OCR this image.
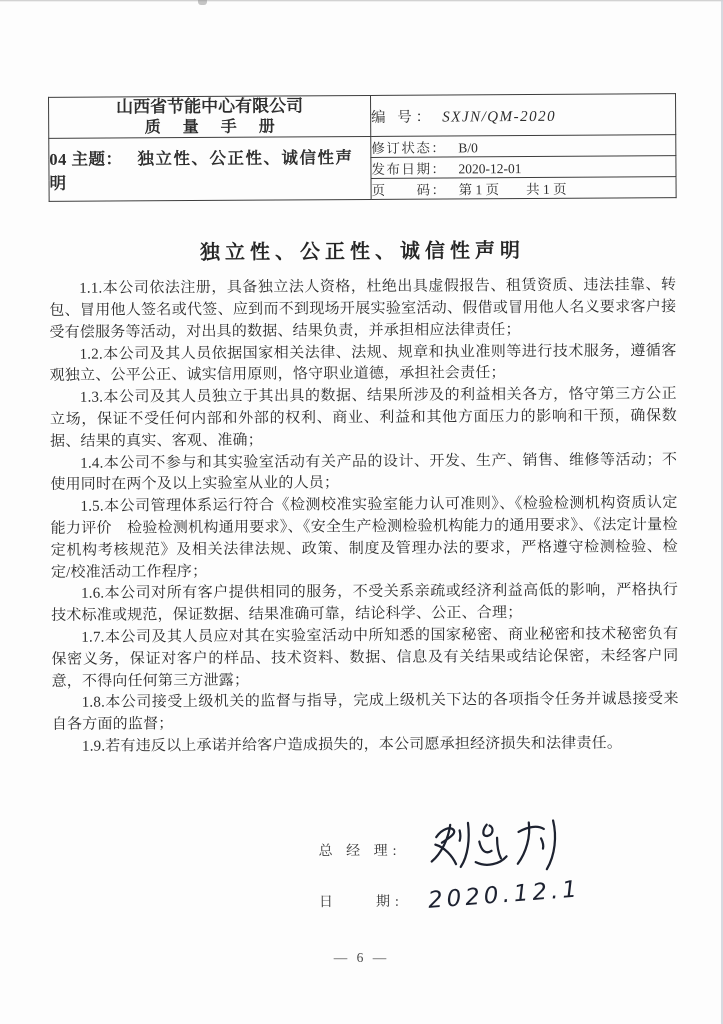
山西省节能中心有限公司
质 量 手 册	编 号： SXJN/QM-2020
04 主题： 独立性、公正性、诚信性声明	修订状态： B/0
	发布日期： 2020-12-01
	页　　码： 第 1 页　　共 1 页
独立性、公正性、诚信性声明

1.1.本公司依法注册，具备独立法人资格，杜绝出具虚假报告、租赁资质、违法挂靠、转包、冒用他人签名或代签、应到而不到现场开展实验室活动、假借或冒用他人名义要求客户接受有偿服务等活动，对出具的数据、结果负责，并承担相应法律责任；

1.2.本公司及其人员依据国家相关法律、法规、规章和执业准则等进行技术服务，遵循客观独立、公平公正、诚实信用原则，恪守职业道德，承担社会责任；

1.3.本公司及其人员独立于其出具的数据、结果所涉及的利益相关各方，恪守第三方公正立场，保证不受任何内部和外部的权利、商业、利益和其他方面压力的影响和干预，确保数据、结果的真实、客观、准确；

1.4.本公司不参与和其实验室活动有关产品的设计、开发、生产、销售、维修等活动；不使用同时在两个及以上实验室从业的人员；

1.5.本公司管理体系运行符合《检测校准实验室能力认可准则》、《检验检测机构资质认定能力评价　检验检测机构通用要求》、《安全生产检测检验机构能力的通用要求》、《法定计量检定机构考核规范》及相关法律法规、政策、制度及管理办法的要求，严格遵守检测检验、检定/校准活动工作程序；

1.6.本公司对所有客户提供相同的服务，不受关系亲疏或经济利益高低的影响，严格执行技术标准或规范，保证数据、结果准确可靠，结论科学、公正、合理；

1.7.本公司及其人员应对其在实验室活动中所知悉的国家秘密、商业秘密和技术秘密负有保密义务，保证对客户的样品、技术资料、数据、信息及有关结果或结论保密，未经客户同意，不得向任何第三方泄露；

1.8.本公司接受上级机关的监督与指导，完成上级机关下达的各项指令任务并诚恳接受来自各方面的监督；

1.9.若有违反以上承诺并给客户造成损失的，本公司愿承担经济损失和法律责任。

总 经 理:
日　　期: 2020.12.1
— 6 —
